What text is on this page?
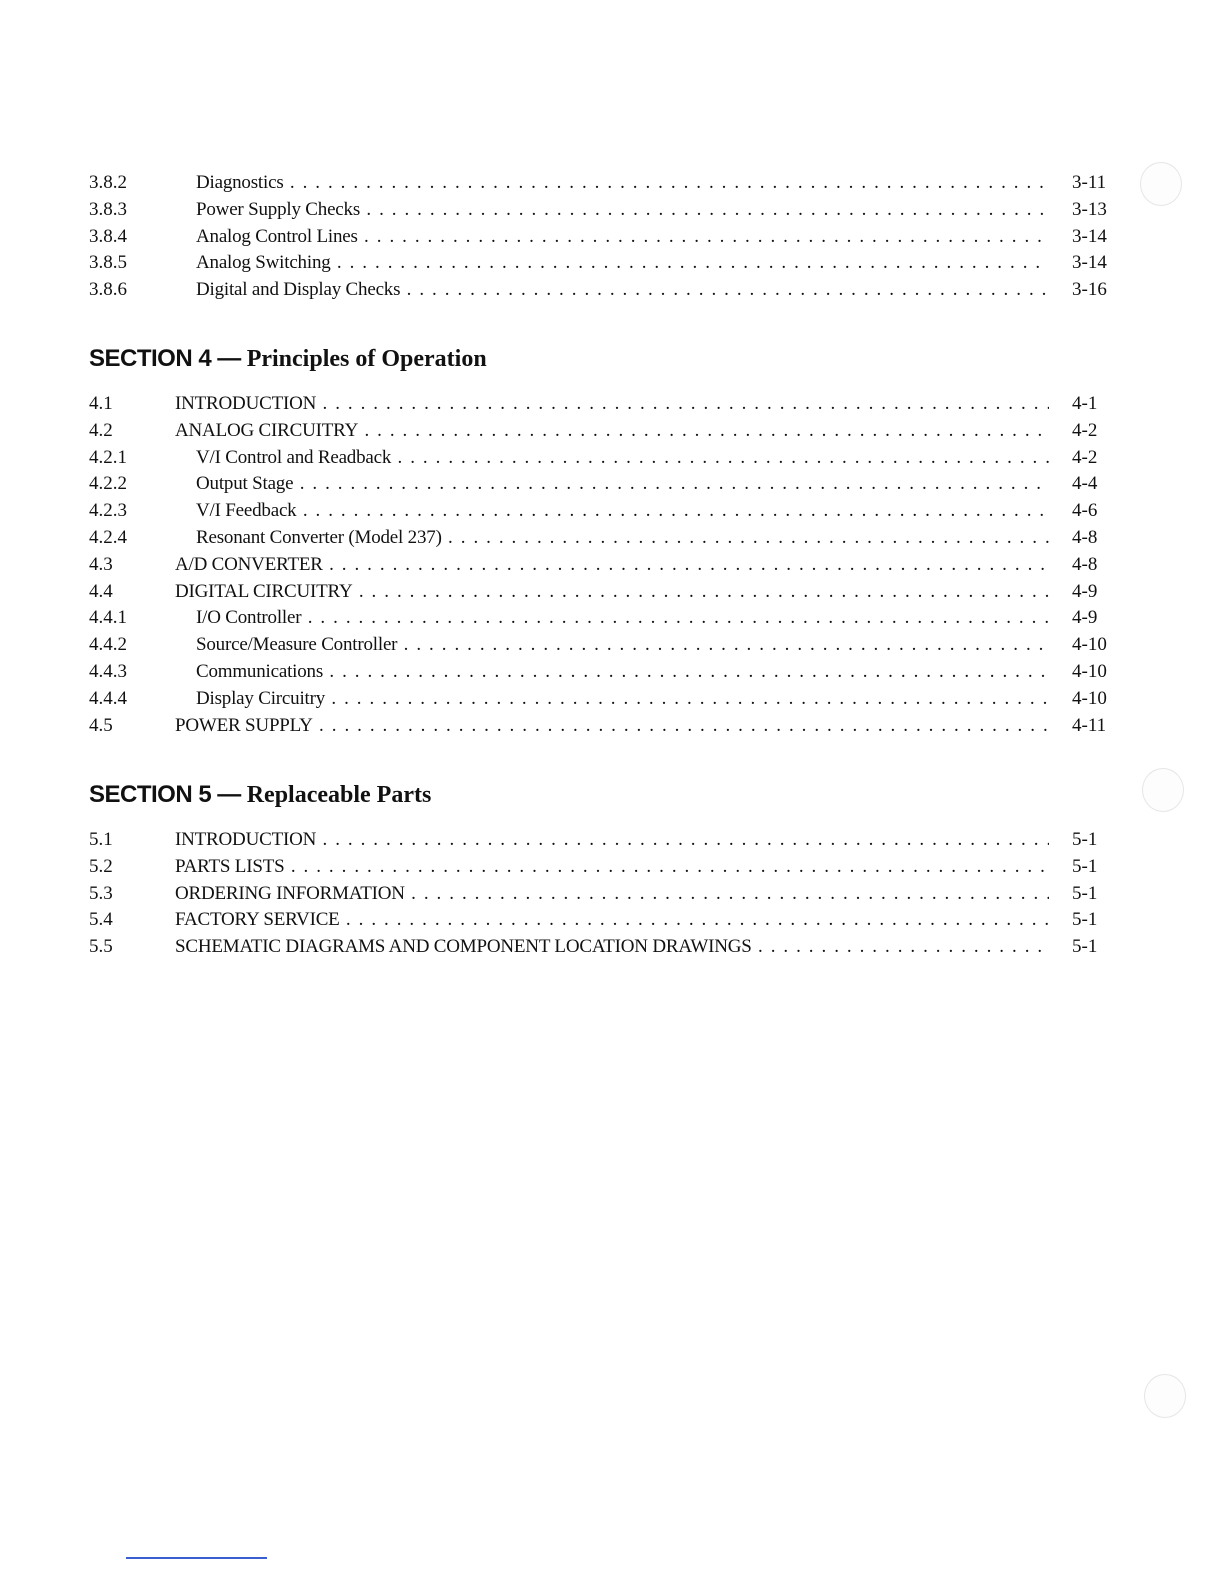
3.8.2	Diagnostics . . .	3-11
3.8.3	Power Supply Checks . . .	3-13
3.8.4	Analog Control Lines . . .	3-14
3.8.5	Analog Switching . . .	3-14
3.8.6	Digital and Display Checks . . .	3-16
SECTION 4 — Principles of Operation
4.1	INTRODUCTION . . .	4-1
4.2	ANALOG CIRCUITRY . . .	4-2
4.2.1	V/I Control and Readback . . .	4-2
4.2.2	Output Stage . . .	4-4
4.2.3	V/I Feedback . . .	4-6
4.2.4	Resonant Converter (Model 237) . . .	4-8
4.3	A/D CONVERTER . . .	4-8
4.4	DIGITAL CIRCUITRY . . .	4-9
4.4.1	I/O Controller . . .	4-9
4.4.2	Source/Measure Controller . . .	4-10
4.4.3	Communications . . .	4-10
4.4.4	Display Circuitry . . .	4-10
4.5	POWER SUPPLY . . .	4-11
SECTION 5 — Replaceable Parts
5.1	INTRODUCTION . . .	5-1
5.2	PARTS LISTS . . .	5-1
5.3	ORDERING INFORMATION . . .	5-1
5.4	FACTORY SERVICE . . .	5-1
5.5	SCHEMATIC DIAGRAMS AND COMPONENT LOCATION DRAWINGS . . .	5-1
